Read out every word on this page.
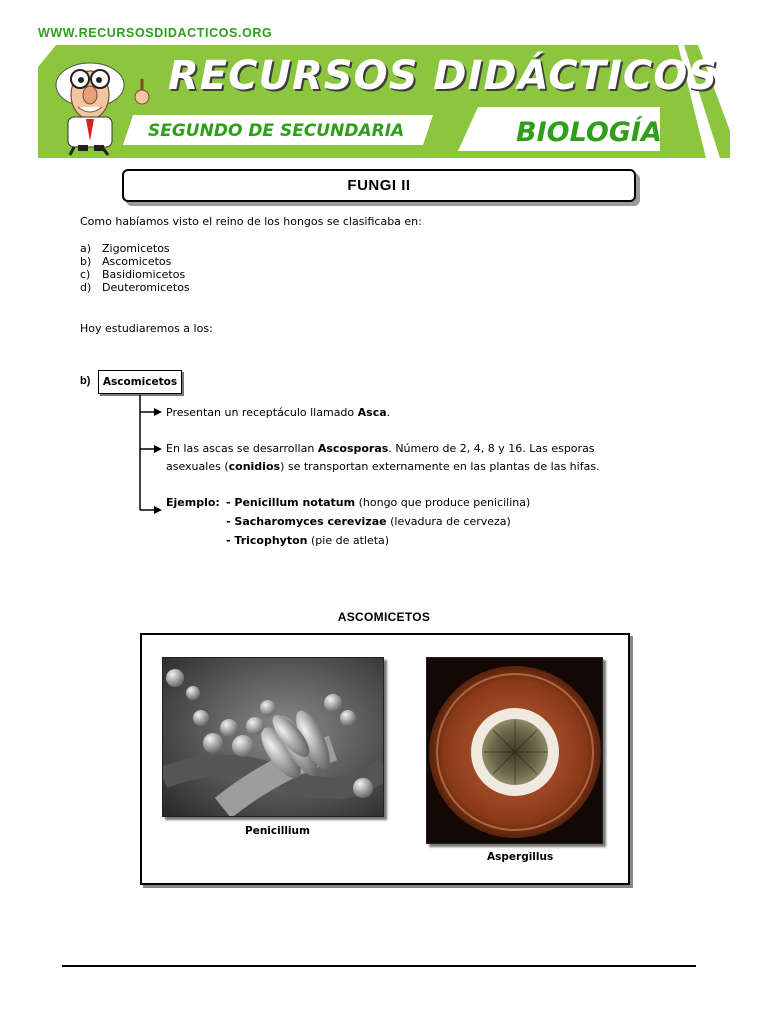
WWW.RECURSOSDIDACTICOS.ORG
RECURSOS DIDÁCTICOS
SEGUNDO DE SECUNDARIA	BIOLOGÍA
FUNGI II
Como habíamos visto el reino de los hongos se clasificaba en:
a) Zigomicetos
b) Ascomicetos
c) Basidiomicetos
d) Deuteromicetos
Hoy estudiaremos a los:
b) Ascomicetos
Presentan un receptáculo llamado Asca.
En las ascas se desarrollan Ascosporas. Número de 2, 4, 8 y 16. Las esporas
asexuales (conidios) se transportan externamente en las plantas de las hifas.
Ejemplo: - Penicillum notatum (hongo que produce penicilina)
- Sacharomyces cerevizae (levadura de cerveza)
- Tricophyton (pie de atleta)
ASCOMICETOS
Penicillium
Aspergillus
